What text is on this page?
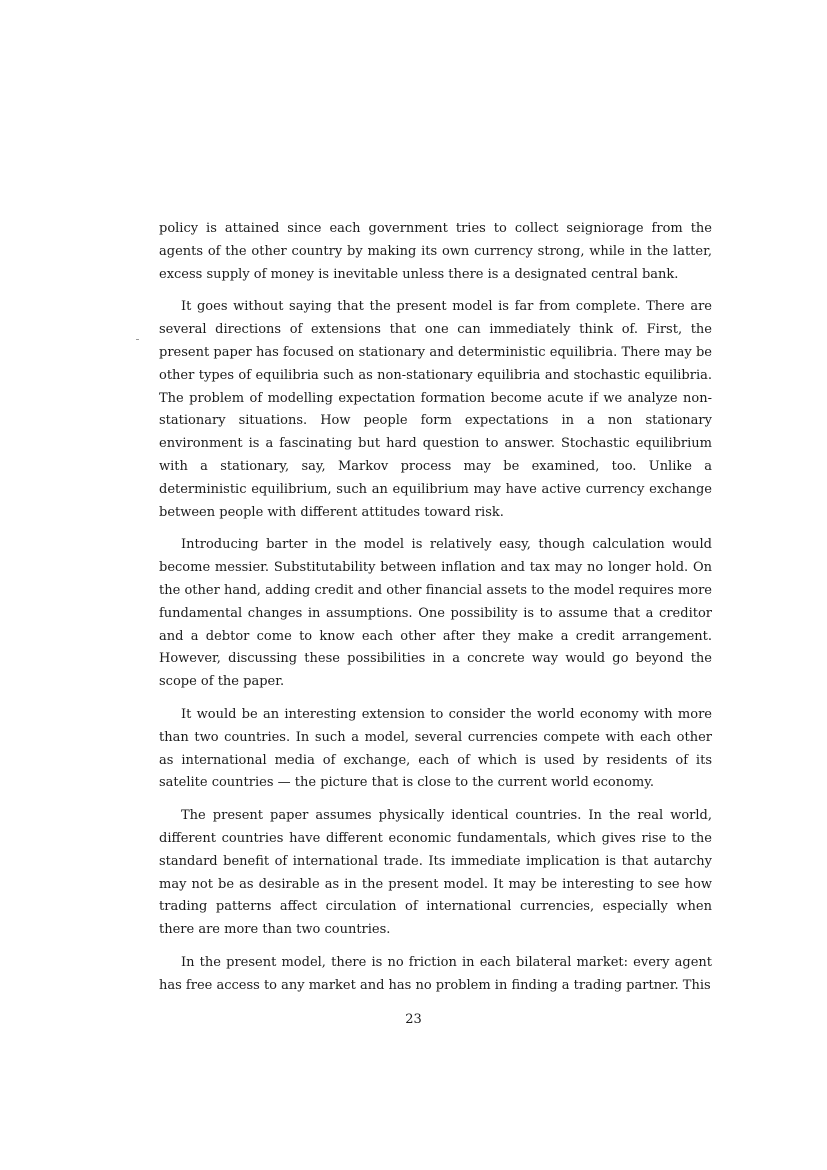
policy is attained since each government tries to collect seigniorage from the agents of the other country by making its own currency strong, while in the latter, excess supply of money is inevitable unless there is a designated central bank.

It goes without saying that the present model is far from complete. There are several directions of extensions that one can immediately think of. First, the present paper has focused on stationary and deterministic equilibria. There may be other types of equilibria such as non-stationary equilibria and stochastic equilibria. The problem of modelling expectation formation become acute if we analyze non-stationary situations. How people form expectations in a non stationary environment is a fascinating but hard question to answer. Stochastic equilibrium with a stationary, say, Markov process may be examined, too. Unlike a deterministic equilibrium, such an equilibrium may have active currency exchange between people with different attitudes toward risk.

Introducing barter in the model is relatively easy, though calculation would become messier. Substitutability between inflation and tax may no longer hold. On the other hand, adding credit and other financial assets to the model requires more fundamental changes in assumptions. One possibility is to assume that a creditor and a debtor come to know each other after they make a credit arrangement. However, discussing these possibilities in a concrete way would go beyond the scope of the paper.

It would be an interesting extension to consider the world economy with more than two countries. In such a model, several currencies compete with each other as international media of exchange, each of which is used by residents of its satelite countries — the picture that is close to the current world economy.

The present paper assumes physically identical countries. In the real world, different countries have different economic fundamentals, which gives rise to the standard benefit of international trade. Its immediate implication is that autarchy may not be as desirable as in the present model. It may be interesting to see how trading patterns affect circulation of international currencies, especially when there are more than two countries.

In the present model, there is no friction in each bilateral market: every agent has free access to any market and has no problem in finding a trading partner. This

23
